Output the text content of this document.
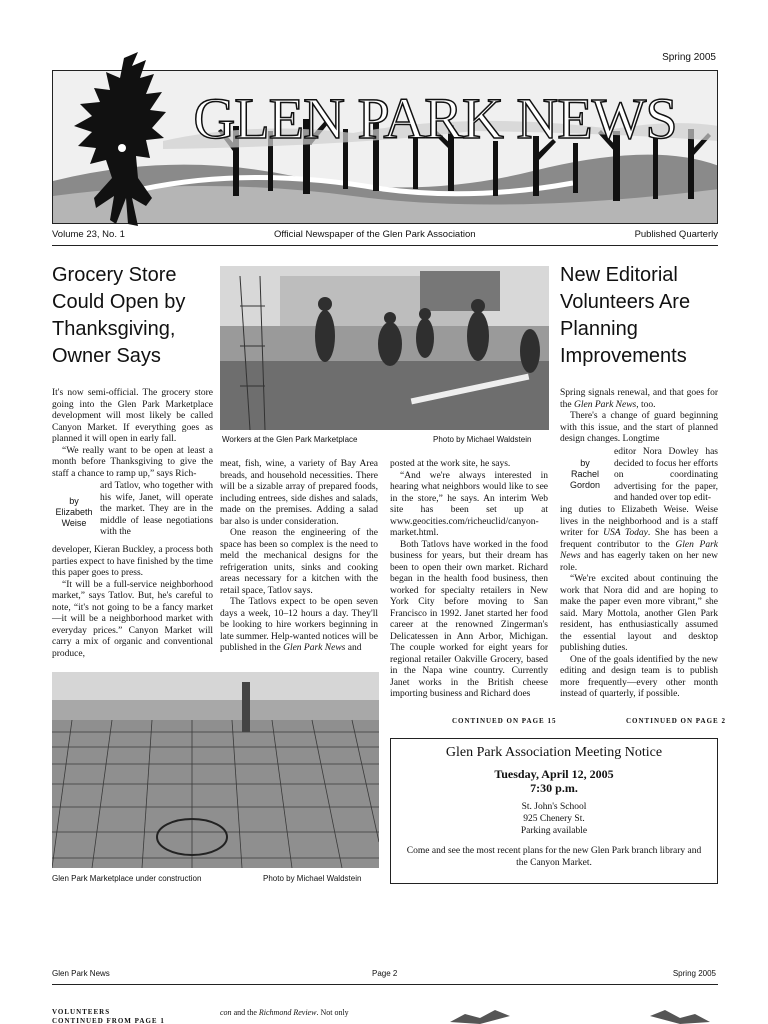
Spring 2005
GLEN PARK NEWS
Volume 23, No. 1	Official Newspaper of the Glen Park Association	Published Quarterly
Grocery Store Could Open by Thanksgiving, Owner Says
Workers at the Glen Park Marketplace	Photo by Michael Waldstein

It's now semi-official. The grocery store going into the Glen Park Marketplace development will most likely be called Canyon Market. If everything goes as planned it will open in early fall.

“We really want to be open at least a month before Thanksgiving to give the staff a chance to ramp up,” says Rich-

by
Elizabeth
Weise

ard Tatlov, who together with his wife, Janet, will operate the market. They are in the middle of lease negotiations with the

developer, Kieran Buckley, a process both parties expect to have finished by the time this paper goes to press.

“It will be a full-service neighborhood market,” says Tatlov. But, he's careful to note, “it's not going to be a fancy market—it will be a neighborhood market with everyday prices.” Canyon Market will carry a mix of organic and conventional produce,

meat, fish, wine, a variety of Bay Area breads, and household necessities. There will be a sizable array of prepared foods, including entrees, side dishes and salads, made on the premises. Adding a salad bar also is under consideration.

One reason the engineering of the space has been so complex is the need to meld the mechanical designs for the refrigeration units, sinks and cooking areas necessary for a kitchen with the retail space, Tatlov says.

The Tatlovs expect to be open seven days a week, 10–12 hours a day. They'll be looking to hire workers beginning in late summer. Help-wanted notices will be published in the Glen Park News and

posted at the work site, he says.

“And we're always interested in hearing what neighbors would like to see in the store,” he says. An interim Web site has been set up at www.geocities.com/richeuclid/canyon-market.html.

Both Tatlovs have worked in the food business for years, but their dream has been to open their own market. Richard began in the health food business, then worked for specialty retailers in New York City before moving to San Francisco in 1992. Janet started her food career at the renowned Zingerman's Delicatessen in Ann Arbor, Michigan. The couple worked for eight years for regional retailer Oakville Grocery, based in the Napa wine country. Currently Janet works in the British cheese importing business and Richard does

CONTINUED ON PAGE 15
Glen Park Marketplace under construction	Photo by Michael Waldstein
New Editorial Volunteers Are Planning Improvements

Spring signals renewal, and that goes for the Glen Park News, too.

There's a change of guard beginning with this issue, and the start of planned design changes. Longtime

by
Rachel
Gordon

editor Nora Dowley has decided to focus her efforts on coordinating advertising for the paper, and handed over top edit-

ing duties to Elizabeth Weise. Weise lives in the neighborhood and is a staff writer for USA Today. She has been a frequent contributor to the Glen Park News and has eagerly taken on her new role.

“We're excited about continuing the work that Nora did and are hoping to make the paper even more vibrant,” she said. Mary Mottola, another Glen Park resident, has enthusiastically assumed the essential layout and desktop publishing duties.

One of the goals identified by the new editing and design team is to publish more frequently—every other month instead of quarterly, if possible.

CONTINUED ON PAGE 2
Glen Park Association Meeting Notice
Tuesday, April 12, 2005
7:30 p.m.
St. John's School
925 Chenery St.
Parking available
Come and see the most recent plans for the new Glen Park branch library and the Canyon Market.
Glen Park News	Page 2	Spring 2005
VOLUNTEERS
CONTINUED FROM PAGE 1
con and the Richmond Review. Not only
